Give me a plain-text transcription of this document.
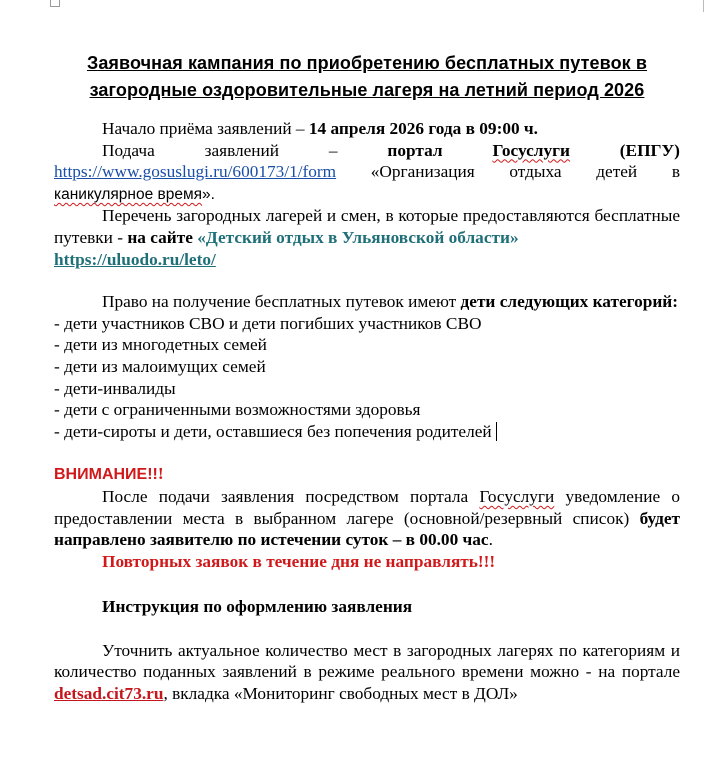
Заявочная кампания по приобретению бесплатных путевок в
загородные оздоровительные лагеря на летний период 2026

Начало приёма заявлений – 14 апреля 2026 года в 09:00 ч.

Подача	заявлений	–	портал	Госуслуги	(ЕПГУ)
https://www.gosuslugi.ru/600173/1/form «Организация отдыха детей в
каникулярное время».

Перечень загородных лагерей и смен, в которые предоставляются бесплатные путевки - на сайте «Детский отдых в Ульяновской области»
https://uluodo.ru/leto/

Право на получение бесплатных путевок имеют дети следующих категорий:

- дети участников СВО и дети погибших участников СВО

- дети из многодетных семей

- дети из малоимущих семей

- дети-инвалиды

- дети с ограниченными возможностями здоровья

- дети-сироты и дети, оставшиеся без попечения родителей

ВНИМАНИЕ!!!

После подачи заявления посредством портала Госуслуги уведомление о предоставлении места в выбранном лагере (основной/резервный список) будет направлено заявителю по истечении суток – в 00.00 час.

Повторных заявок в течение дня не направлять!!!

Инструкция по оформлению заявления

Уточнить актуальное количество мест в загородных лагерях по категориям и количество поданных заявлений в режиме реального времени можно - на портале detsad.cit73.ru, вкладка «Мониторинг свободных мест в ДОЛ»
